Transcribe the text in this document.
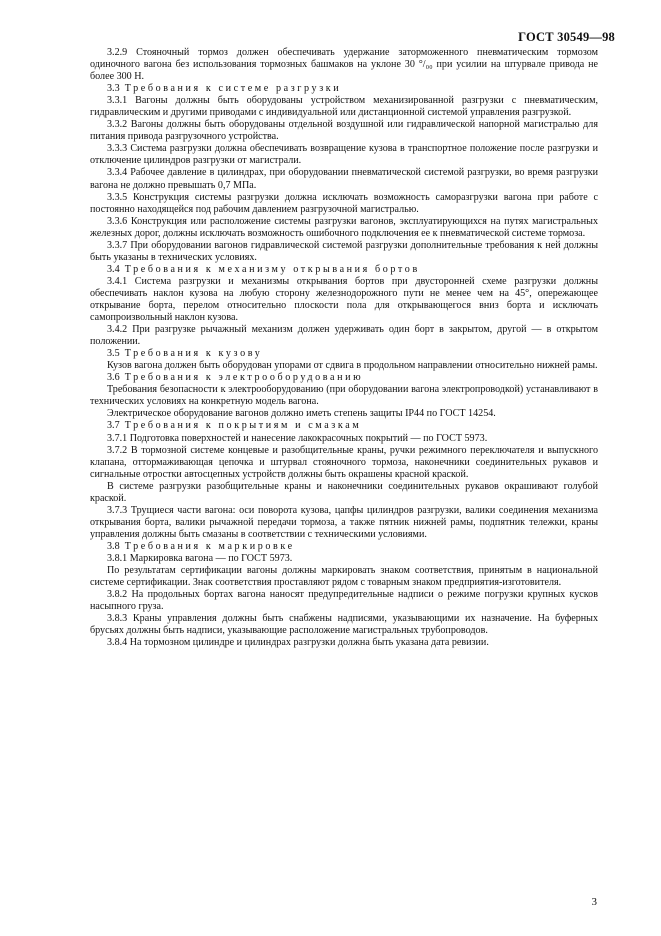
ГОСТ 30549—98

3.2.9 Стояночный тормоз должен обеспечивать удержание заторможенного пневматическим тормозом одиночного вагона без использования тормозных башмаков на уклоне 30 °/₀₀ при усилии на штурвале привода не более 300 Н.

3.3 Требования к системе разгрузки

3.3.1 Вагоны должны быть оборудованы устройством механизированной разгрузки с пневматическим, гидравлическим и другими приводами с индивидуальной или дистанционной системой управления разгрузкой.

3.3.2 Вагоны должны быть оборудованы отдельной воздушной или гидравлической напорной магистралью для питания привода разгрузочного устройства.

3.3.3 Система разгрузки должна обеспечивать возвращение кузова в транспортное положение после разгрузки и отключение цилиндров разгрузки от магистрали.

3.3.4 Рабочее давление в цилиндрах, при оборудовании пневматической системой разгрузки, во время разгрузки вагона не должно превышать 0,7 МПа.

3.3.5 Конструкция системы разгрузки должна исключать возможность саморазгрузки вагона при работе с постоянно находящейся под рабочим давлением разгрузочной магистралью.

3.3.6 Конструкция или расположение системы разгрузки вагонов, эксплуатирующихся на путях магистральных железных дорог, должны исключать возможность ошибочного подключения ее к пневматической системе тормоза.

3.3.7 При оборудовании вагонов гидравлической системой разгрузки дополнительные требования к ней должны быть указаны в технических условиях.

3.4 Требования к механизму открывания бортов

3.4.1 Система разгрузки и механизмы открывания бортов при двусторонней схеме разгрузки должны обеспечивать наклон кузова на любую сторону железнодорожного пути не менее чем на 45°, опережающее открывание борта, перелом относительно плоскости пола для открывающегося вниз борта и исключать самопроизвольный наклон кузова.

3.4.2 При разгрузке рычажный механизм должен удерживать один борт в закрытом, другой — в открытом положении.

3.5 Требования к кузову

Кузов вагона должен быть оборудован упорами от сдвига в продольном направлении относительно нижней рамы.

3.6 Требования к электрооборудованию

Требования безопасности к электрооборудованию (при оборудовании вагона электропроводкой) устанавливают в технических условиях на конкретную модель вагона.

Электрическое оборудование вагонов должно иметь степень защиты IP44 по ГОСТ 14254.

3.7 Требования к покрытиям и смазкам

3.7.1 Подготовка поверхностей и нанесение лакокрасочных покрытий — по ГОСТ 5973.

3.7.2 В тормозной системе концевые и разобщительные краны, ручки режимного переключателя и выпускного клапана, оттормаживающая цепочка и штурвал стояночного тормоза, наконечники соединительных рукавов и сигнальные отростки автосцепных устройств должны быть окрашены красной краской.

В системе разгрузки разобщительные краны и наконечники соединительных рукавов окрашивают голубой краской.

3.7.3 Трущиеся части вагона: оси поворота кузова, цапфы цилиндров разгрузки, валики соединения механизма открывания борта, валики рычажной передачи тормоза, а также пятник нижней рамы, подпятник тележки, краны управления должны быть смазаны в соответствии с техническими условиями.

3.8 Требования к маркировке

3.8.1 Маркировка вагона — по ГОСТ 5973.

По результатам сертификации вагоны должны маркировать знаком соответствия, принятым в национальной системе сертификации. Знак соответствия проставляют рядом с товарным знаком предприятия-изготовителя.

3.8.2 На продольных бортах вагона наносят предупредительные надписи о режиме погрузки крупных кусков насыпного груза.

3.8.3 Краны управления должны быть снабжены надписями, указывающими их назначение. На буферных брусьях должны быть надписи, указывающие расположение магистральных трубопроводов.

3.8.4 На тормозном цилиндре и цилиндрах разгрузки должна быть указана дата ревизии.

3
